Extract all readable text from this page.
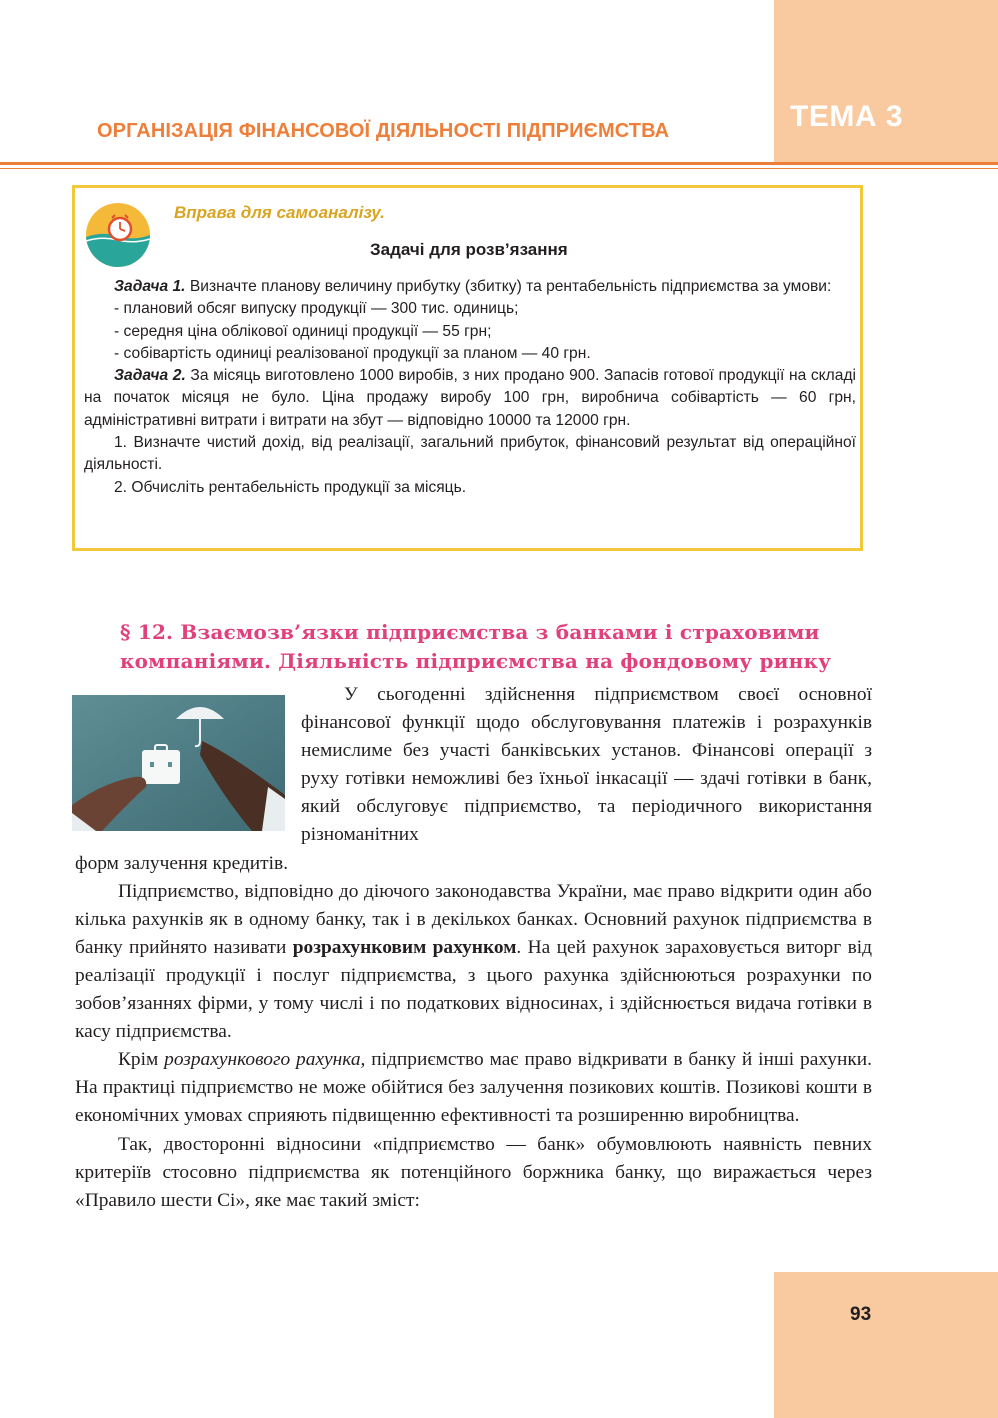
ТЕМА 3
ОРГАНІЗАЦІЯ ФІНАНСОВОЇ ДІЯЛЬНОСТІ ПІДПРИЄМСТВА
Вправа для самоаналізу.
Задачі для розв’язання

Задача 1. Визначте планову величину прибутку (збитку) та рентабельність підприємства за умови:

- плановий обсяг випуску продукції — 300 тис. одиниць;

- середня ціна облікової одиниці продукції — 55 грн;

- собівартість одиниці реалізованої продукції за планом — 40 грн.

Задача 2. За місяць виготовлено 1000 виробів, з них продано 900. Запасів готової продукції на складі на початок місяця не було. Ціна продажу виробу 100 грн, виробнича собівартість — 60 грн, адміністративні витрати і витрати на збут — відповідно 10000 та 12000 грн.

1. Визначте чистий дохід, від реалізації, загальний прибуток, фінансовий результат від операційної діяльності.

2. Обчисліть рентабельність продукції за місяць.

§ 12. Взаємозв’язки підприємства з банками і страховими компаніями. Діяльність підприємства на фондовому ринку

У сьогоденні здійснення підприємством своєї основної фінансової функції щодо обслуговування платежів і розрахунків немислиме без участі банківських установ. Фінансові операції з руху готівки неможливі без їхньої інкасації — здачі готівки в банк, який обслуговує підприємство, та періодичного використання різноманітних

форм залучення кредитів.

Підприємство, відповідно до діючого законодавства України, має право відкрити один або кілька рахунків як в одному банку, так і в декількох банках. Основний рахунок підприємства в банку прийнято називати розрахунковим рахунком. На цей рахунок зараховується виторг від реалізації продукції і послуг підприємства, з цього рахунка здійснюються розрахунки по зобов’язаннях фірми, у тому числі і по податкових відносинах, і здійснюється видача готівки в касу підприємства.

Крім розрахункового рахунка, підприємство має право відкривати в банку й інші рахунки. На практиці підприємство не може обійтися без залучення позикових коштів. Позикові кошти в економічних умовах сприяють підвищенню ефективності та розширенню виробництва.

Так, двосторонні відносини «підприємство — банк» обумовлюють наявність певних критеріїв стосовно підприємства як потенційного боржника банку, що виражається через «Правило шести Сі», яке має такий зміст:

93
